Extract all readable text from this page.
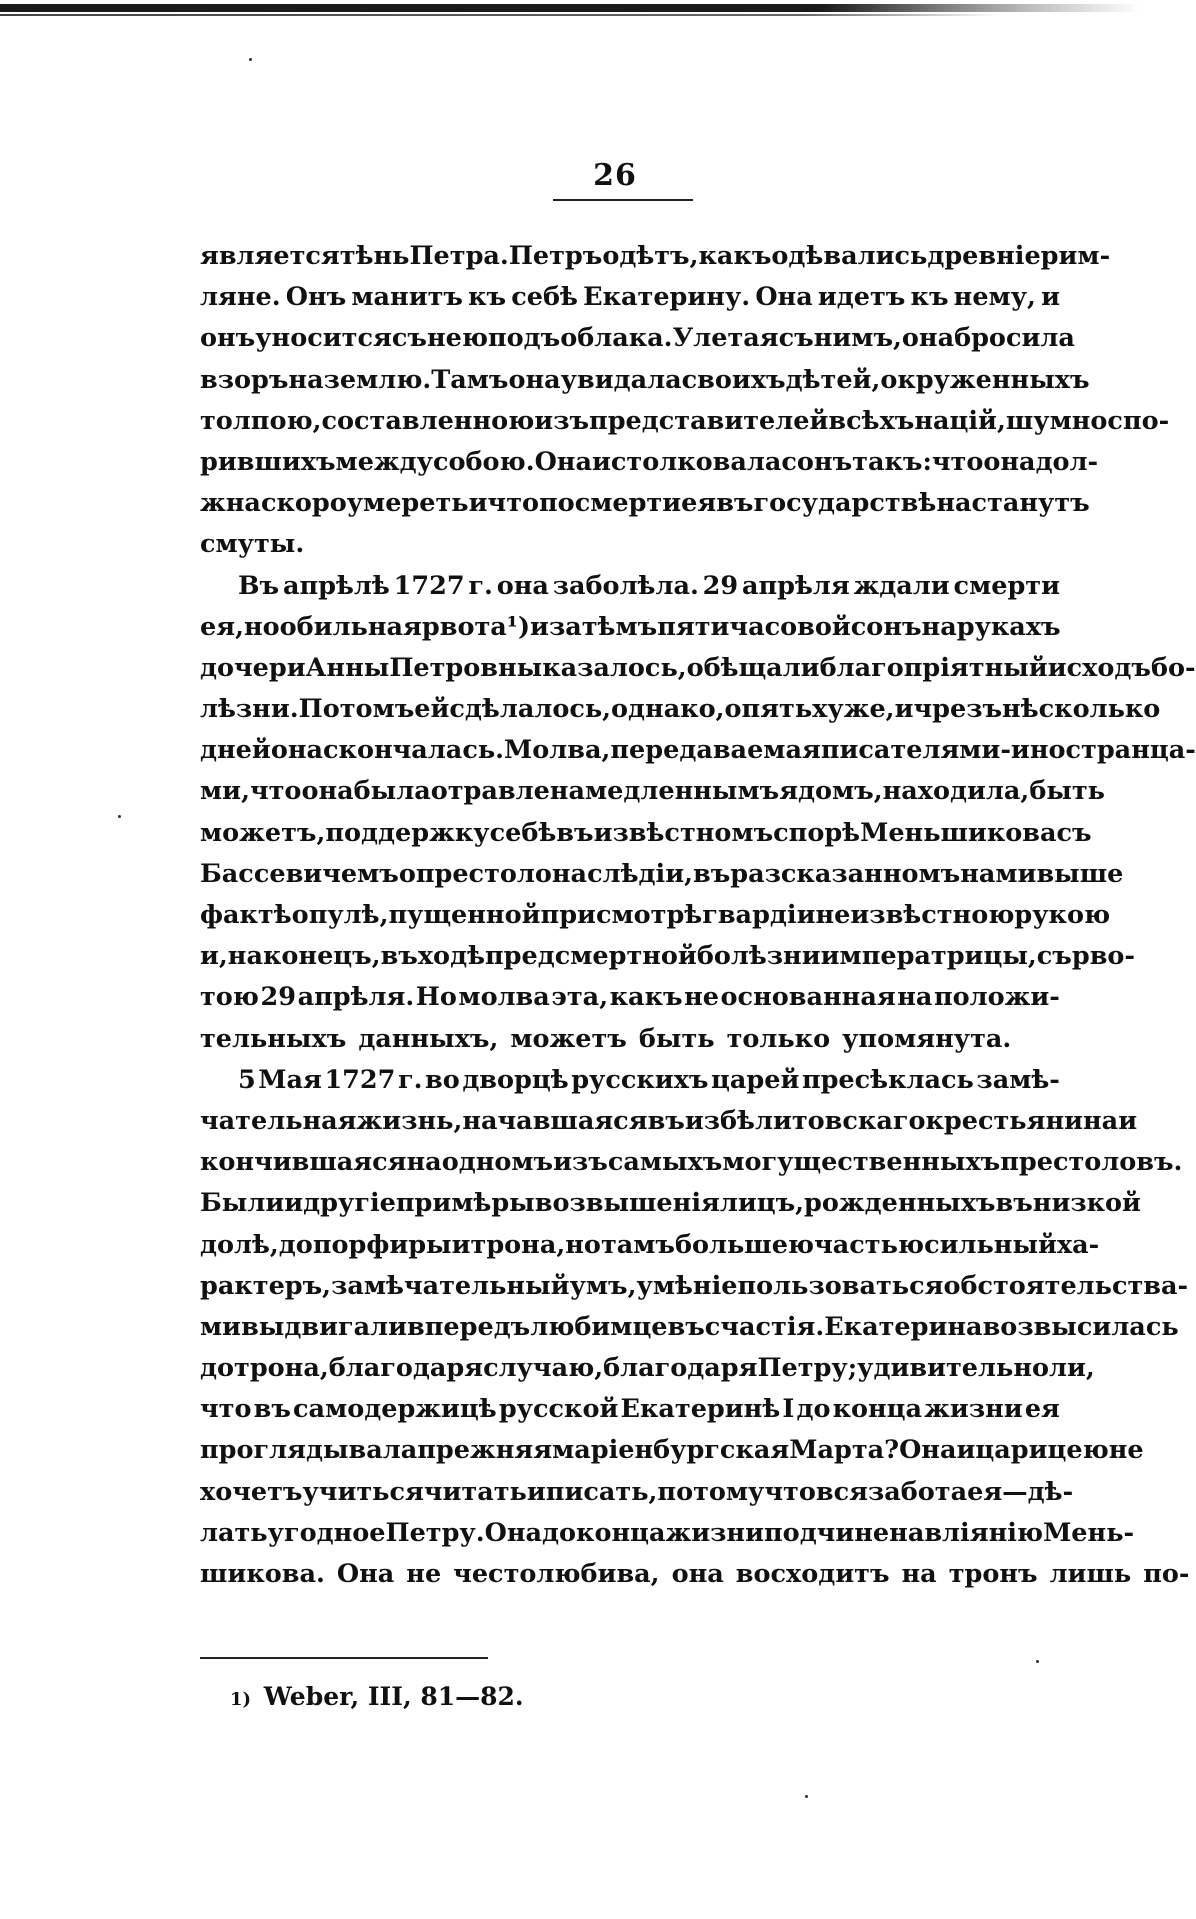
26
является тѣнь Петра. Петръ одѣтъ, какъ одѣвались древніе рим-
ляне. Онъ манитъ къ себѣ Екатерину. Она идетъ къ нему, и
онъ уносится съ нею подъ облака. Улетая съ нимъ, она бросила
взоръ на землю. Тамъ она увидала своихъ дѣтей, окруженныхъ
толпою, составленною изъ представителей всѣхъ націй, шумно спо-
рившихъ между собою. Она истолковала сонъ такъ: что она дол-
жна скоро умереть и что по смерти ея въ государствѣ настанутъ
смуты.
Въ апрѣлѣ 1727 г. она заболѣла. 29 апрѣля ждали смерти
ея, но обильная рвота ¹) и затѣмъ пятичасовой сонъ на рукахъ
дочери Анны Петровны казалось, обѣщали благопріятный исходъ бо-
лѣзни. Потомъ ей сдѣлалось, однако, опять хуже, и чрезъ нѣсколько
дней она скончалась. Молва, передаваемая писателями-иностранца-
ми, что она была отравлена медленнымъ ядомъ, находила, быть
можетъ, поддержку себѣ въ извѣстномъ спорѣ Меньшикова съ
Бассевичемъ о престолонаслѣдіи, въ разсказанномъ нами выше
фактѣ о пулѣ, пущенной при смотрѣ гвардіи неизвѣстною рукою
и, наконецъ, въ ходѣ предсмертной болѣзни императрицы, съ рво-
тою 29 апрѣля. Но молва эта, какъ не основанная на положи-
тельныхъ данныхъ, можетъ быть только упомянута.
5 Мая 1727 г. во дворцѣ русскихъ царей пресѣклась замѣ-
чательная жизнь, начавшаяся въ избѣ литовскаго крестьянина и
кончившаяся на одномъ изъ самыхъ могущественныхъ престоловъ.
Были и другіе примѣры возвышенія лицъ, рожденныхъ въ низкой
долѣ, до порфиры и трона, но тамъ большею частью сильный ха-
рактеръ, замѣчательный умъ, умѣніе пользоваться обстоятельства-
ми выдвигали впередъ любимцевъ счастія. Екатерина возвысилась
до трона, благодаря случаю, благодаря Петру; удивительно ли,
что въ самодержицѣ русской Екатеринѣ I до конца жизни ея
проглядывала прежняя маріенбургская Марта? Она и царицею не
хочетъ учиться читать и писать, потому что вся забота ея—дѣ-
лать угодное Петру. Она до конца жизни подчинена вліянію Мень-
шикова. Она не честолюбива, она восходитъ на тронъ лишь по-
1) Weber, III, 81—82.
